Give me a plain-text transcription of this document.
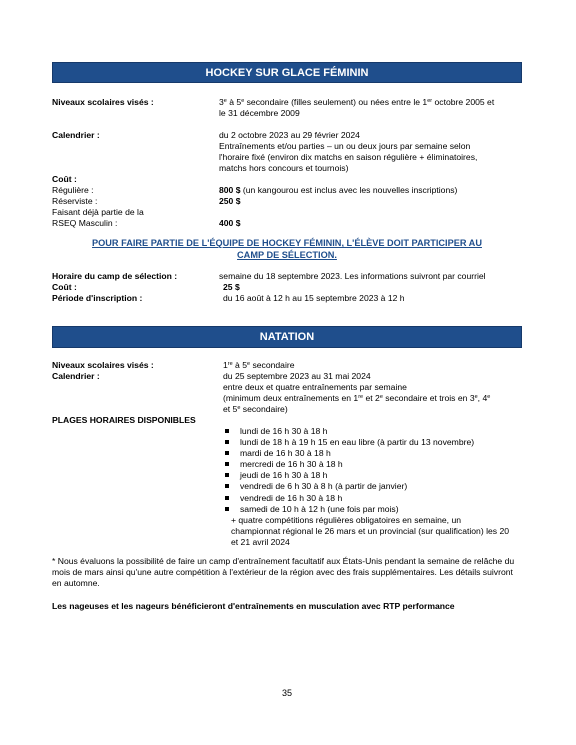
HOCKEY SUR GLACE FÉMININ
Niveaux scolaires visés :	3e à 5e secondaire (filles seulement) ou nées entre le 1er octobre 2005 et
le 31 décembre 2009
Calendrier :	du 2 octobre 2023 au 29 février 2024
Entraînements et/ou parties – un ou deux jours par semaine selon
l'horaire fixé (environ dix matchs en saison régulière + éliminatoires,
matchs hors concours et tournois)
Coût :
Régulière :	800 $ (un kangourou est inclus avec les nouvelles inscriptions)
Réserviste :	250 $
Faisant déjà partie de la
RSEQ Masculin :	400 $
POUR FAIRE PARTIE DE L'ÉQUIPE DE HOCKEY FÉMININ, L'ÉLÈVE DOIT PARTICIPER AU
CAMP DE SÉLECTION.
Horaire du camp de sélection :	semaine du 18 septembre 2023. Les informations suivront par courriel
Coût :	25 $
Période d'inscription :	du 16 août à 12 h au 15 septembre 2023 à 12 h
NATATION
Niveaux scolaires visés :	1re à 5e secondaire
Calendrier :	du 25 septembre 2023 au 31 mai 2024
entre deux et quatre entraînements par semaine
(minimum deux entraînements en 1re et 2e secondaire et trois en 3e, 4e
et 5e secondaire)
PLAGES HORAIRES DISPONIBLES
lundi de 16 h 30 à 18 h
lundi de 18 h à 19 h 15 en eau libre (à partir du 13 novembre)
mardi de 16 h 30 à 18 h
mercredi de 16 h 30 à 18 h
jeudi de 16 h 30 à 18 h
vendredi de 6 h 30 à 8 h (à partir de janvier)
vendredi de 16 h 30 à 18 h
samedi de 10 h à 12 h (une fois par mois)
+ quatre compétitions régulières obligatoires en semaine, un
championnat régional le 26 mars et un provincial (sur qualification) les 20
et 21 avril 2024
* Nous évaluons la possibilité de faire un camp d'entraînement facultatif aux États-Unis pendant la semaine de relâche du mois de mars ainsi qu'une autre compétition à l'extérieur de la région avec des frais supplémentaires. Les détails suivront en automne.
Les nageuses et les nageurs bénéficieront d'entraînements en musculation avec RTP performance
35
